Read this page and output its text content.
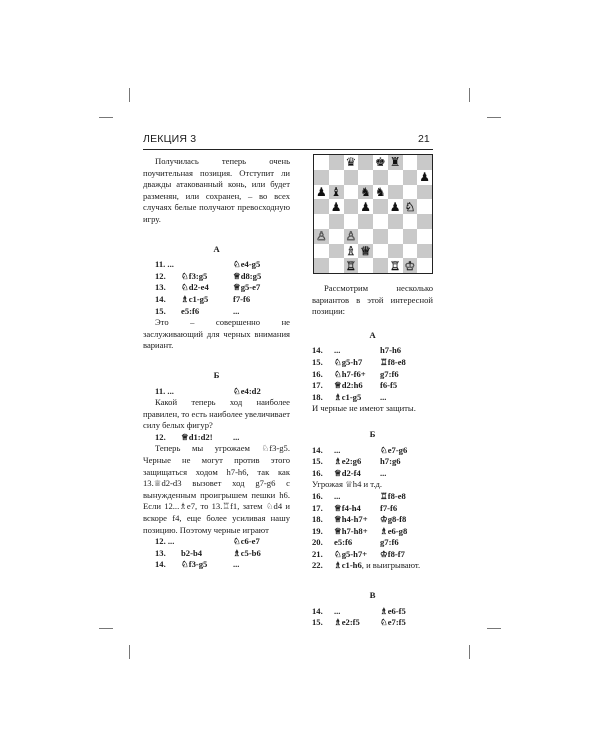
ЛЕКЦИЯ 3	21

Получилась теперь очень поучительная позиция. Отступит ли дважды атакованный конь, или будет разменян, или сохранен, – во всех случаях белые получают превосходную игру.

А
11. ...	♘e4-g5
12.	♘f3:g5	♕d8:g5
13.	♘d2-e4	♕g5-e7
14.	♗c1-g5	f7-f6
15.	e5:f6	...

Это – совершенно не заслуживающий для черных внимания вариант.

Б
11. ...	♘e4:d2

Какой теперь ход наиболее правилен, то есть наиболее увеличивает силу белых фигур?

12.	♕d1:d2!	...

Теперь мы угрожаем ♘f3-g5. Черные не могут против этого защищаться ходом h7-h6, так как 13.♕d2-d3 вызовет ход g7-g6 с вынужденным проигрышем пешки h6. Если 12...♗e7, то 13.♖f1, затем ♘d4 и вскоре f4, еще более усиливая нашу позицию. Поэтому черные играют

12. ...	♘c6-e7
13.	b2-b4	♗c5-b6
14.	♘f3-g5	...
♛ ♚ ♜
♟
♟ ♝ ♞ ♞
♟ ♟ ♟ ♘
♙ ♙
♗ ♕
♖	♖ ♔

Рассмотрим несколько вариантов в этой интересной позиции:

А
14.	...	h7-h6
15.	♘g5-h7	♖f8-e8
16.	♘h7-f6+	g7:f6
17.	♕d2:h6	f6-f5
18.	♗c1-g5	...

И черные не имеют защиты.

Б
14.	...	♘e7-g6
15.	♗e2:g6	h7:g6
16.	♕d2-f4	...

Угрожая ♕h4 и т.д.

16.	...	♖f8-e8
17.	♕f4-h4	f7-f6
18.	♕h4-h7+	♔g8-f8
19.	♕h7-h8+	♗e6-g8
20.	e5:f6	g7:f6
21.	♘g5-h7+	♔f8-f7
22.	♗c1-h6 , и выигрывают.
В
14.	...	♗e6-f5
15.	♗e2:f5	♘e7:f5
